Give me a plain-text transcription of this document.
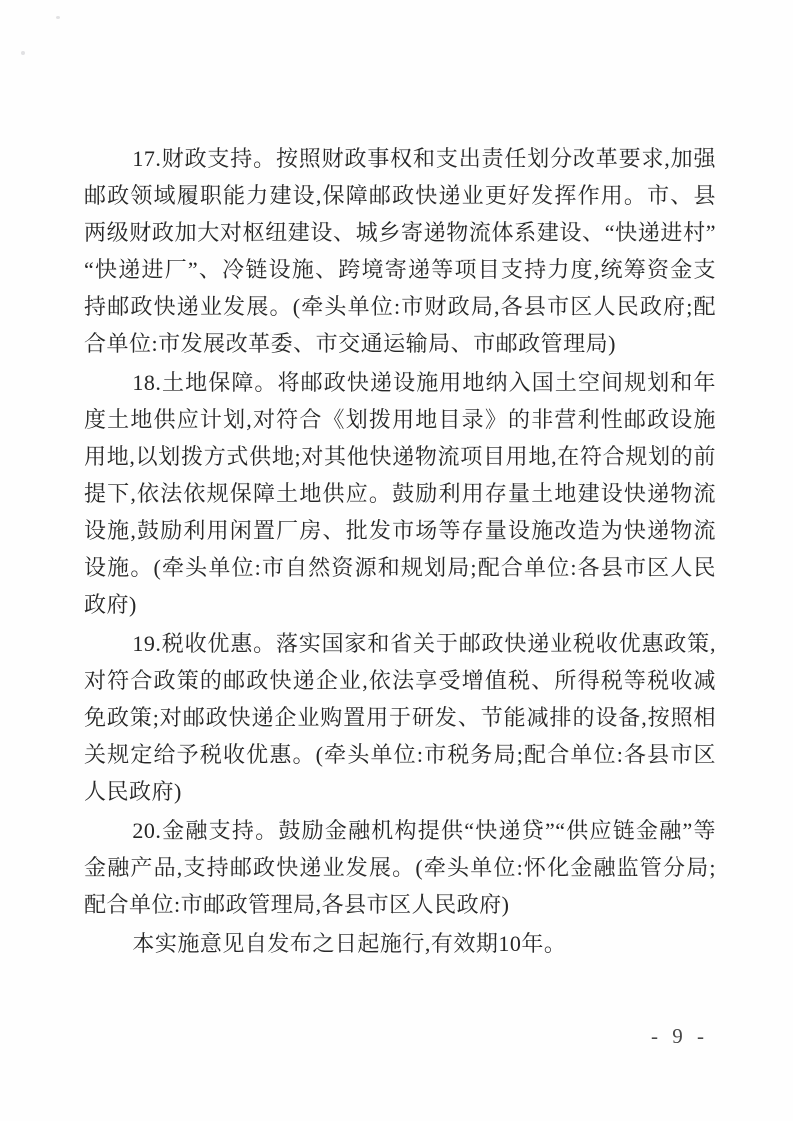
17.财政支持。按照财政事权和支出责任划分改革要求,加强邮政领域履职能力建设,保障邮政快递业更好发挥作用。市、县两级财政加大对枢纽建设、城乡寄递物流体系建设、“快递进村”“快递进厂”、冷链设施、跨境寄递等项目支持力度,统筹资金支持邮政快递业发展。(牵头单位:市财政局,各县市区人民政府;配合单位:市发展改革委、市交通运输局、市邮政管理局)

18.土地保障。将邮政快递设施用地纳入国土空间规划和年度土地供应计划,对符合《划拨用地目录》的非营利性邮政设施用地,以划拨方式供地;对其他快递物流项目用地,在符合规划的前提下,依法依规保障土地供应。鼓励利用存量土地建设快递物流设施,鼓励利用闲置厂房、批发市场等存量设施改造为快递物流设施。(牵头单位:市自然资源和规划局;配合单位:各县市区人民政府)

19.税收优惠。落实国家和省关于邮政快递业税收优惠政策,对符合政策的邮政快递企业,依法享受增值税、所得税等税收减免政策;对邮政快递企业购置用于研发、节能减排的设备,按照相关规定给予税收优惠。(牵头单位:市税务局;配合单位:各县市区人民政府)

20.金融支持。鼓励金融机构提供“快递贷”“供应链金融”等金融产品,支持邮政快递业发展。(牵头单位:怀化金融监管分局;配合单位:市邮政管理局,各县市区人民政府)

本实施意见自发布之日起施行,有效期10年。

- 9 -
